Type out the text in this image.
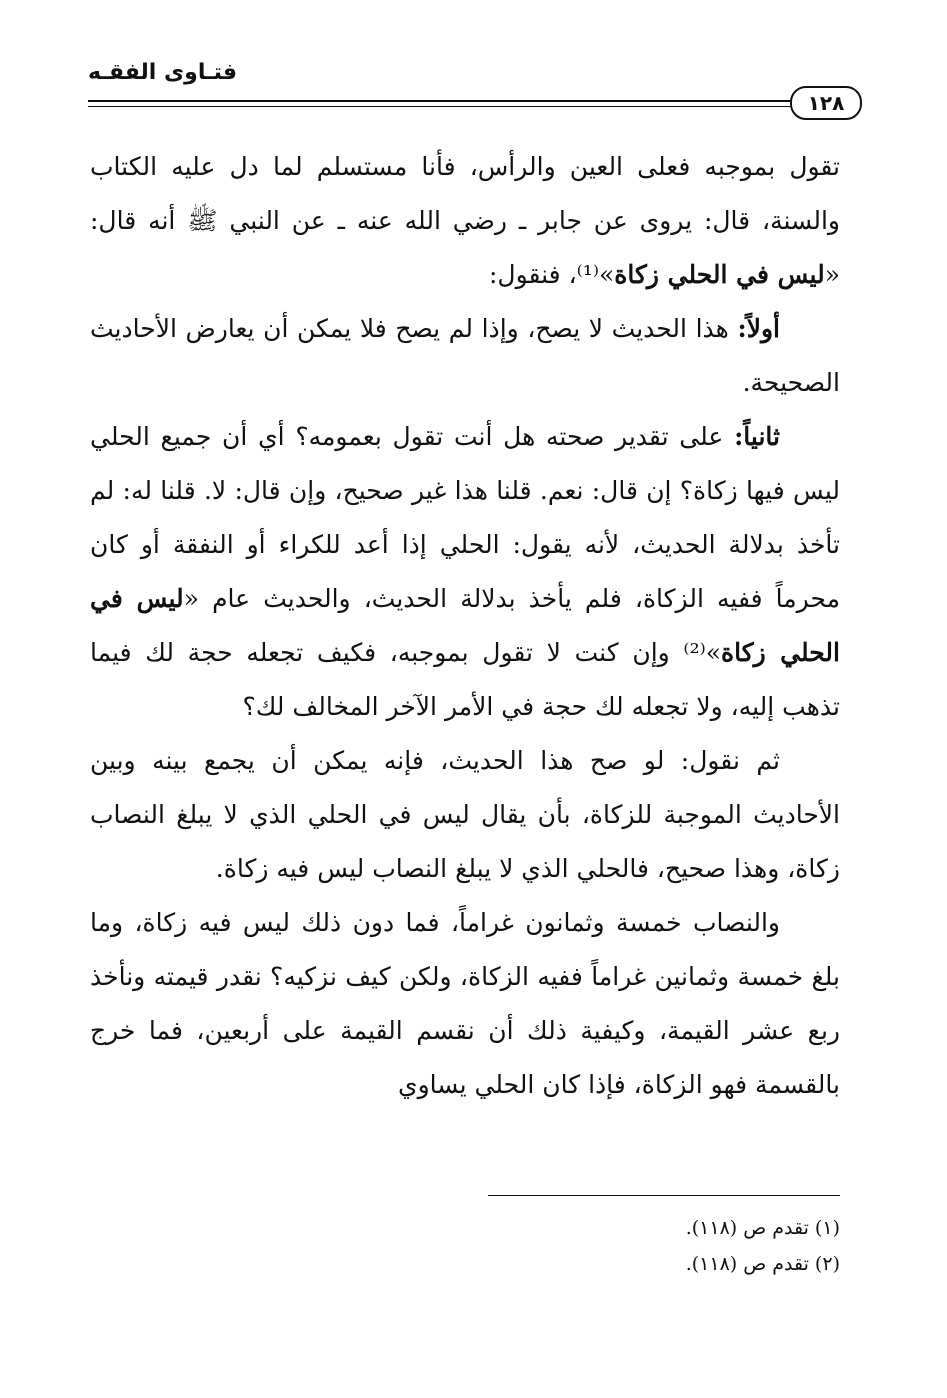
فتـاوى الفقـه
١٢٨

تقول بموجبه فعلى العين والرأس، فأنا مستسلم لما دل عليه الكتاب والسنة، قال: يروى عن جابر ـ رضي الله عنه ـ عن النبي ﷺ أنه قال: «ليس في الحلي زكاة»⁽¹⁾، فنقول:

أولاً: هذا الحديث لا يصح، وإذا لم يصح فلا يمكن أن يعارض الأحاديث الصحيحة.

ثانياً: على تقدير صحته هل أنت تقول بعمومه؟ أي أن جميع الحلي ليس فيها زكاة؟ إن قال: نعم. قلنا هذا غير صحيح، وإن قال: لا. قلنا له: لم تأخذ بدلالة الحديث، لأنه يقول: الحلي إذا أعد للكراء أو النفقة أو كان محرماً ففيه الزكاة، فلم يأخذ بدلالة الحديث، والحديث عام «ليس في الحلي زكاة»⁽²⁾ وإن كنت لا تقول بموجبه، فكيف تجعله حجة لك فيما تذهب إليه، ولا تجعله لك حجة في الأمر الآخر المخالف لك؟

ثم نقول: لو صح هذا الحديث، فإنه يمكن أن يجمع بينه وبين الأحاديث الموجبة للزكاة، بأن يقال ليس في الحلي الذي لا يبلغ النصاب زكاة، وهذا صحيح، فالحلي الذي لا يبلغ النصاب ليس فيه زكاة.

والنصاب خمسة وثمانون غراماً، فما دون ذلك ليس فيه زكاة، وما بلغ خمسة وثمانين غراماً ففيه الزكاة، ولكن كيف نزكيه؟ نقدر قيمته ونأخذ ربع عشر القيمة، وكيفية ذلك أن نقسم القيمة على أربعين، فما خرج بالقسمة فهو الزكاة، فإذا كان الحلي يساوي

(١) تقدم ص (١١٨).
(٢) تقدم ص (١١٨).
